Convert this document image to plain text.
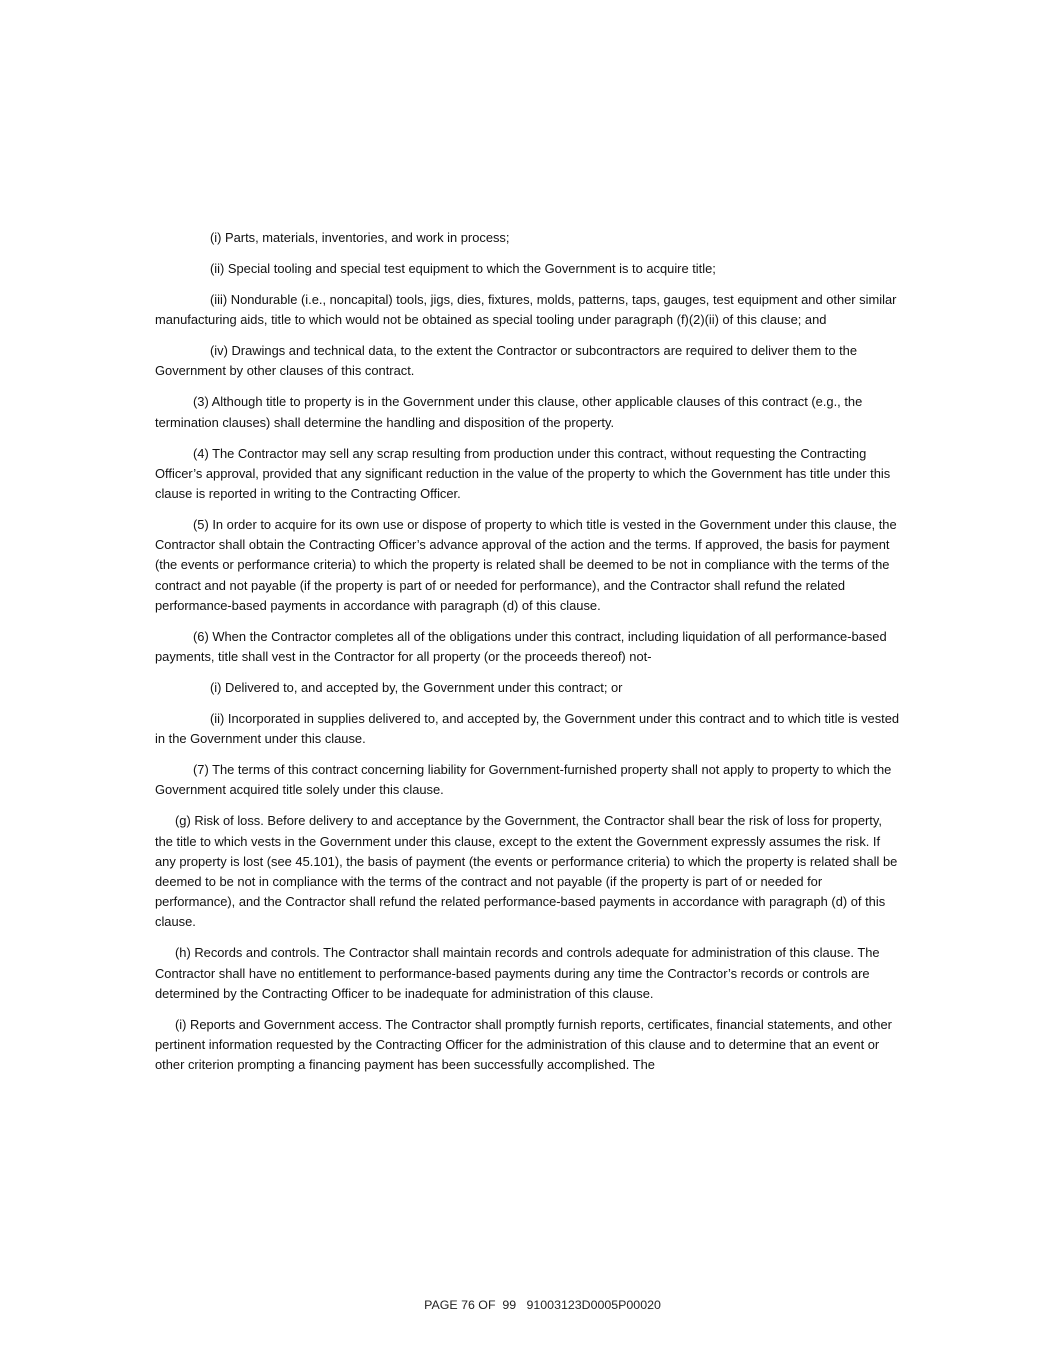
(i) Parts, materials, inventories, and work in process;

(ii) Special tooling and special test equipment to which the Government is to acquire title;

(iii) Nondurable (i.e., noncapital) tools, jigs, dies, fixtures, molds, patterns, taps, gauges, test equipment and other similar manufacturing aids, title to which would not be obtained as special tooling under paragraph (f)(2)(ii) of this clause; and

(iv) Drawings and technical data, to the extent the Contractor or subcontractors are required to deliver them to the Government by other clauses of this contract.

(3) Although title to property is in the Government under this clause, other applicable clauses of this contract (e.g., the termination clauses) shall determine the handling and disposition of the property.

(4) The Contractor may sell any scrap resulting from production under this contract, without requesting the Contracting Officer’s approval, provided that any significant reduction in the value of the property to which the Government has title under this clause is reported in writing to the Contracting Officer.

(5) In order to acquire for its own use or dispose of property to which title is vested in the Government under this clause, the Contractor shall obtain the Contracting Officer’s advance approval of the action and the terms. If approved, the basis for payment (the events or performance criteria) to which the property is related shall be deemed to be not in compliance with the terms of the contract and not payable (if the property is part of or needed for performance), and the Contractor shall refund the related performance-based payments in accordance with paragraph (d) of this clause.

(6) When the Contractor completes all of the obligations under this contract, including liquidation of all performance-based payments, title shall vest in the Contractor for all property (or the proceeds thereof) not-

(i) Delivered to, and accepted by, the Government under this contract; or

(ii) Incorporated in supplies delivered to, and accepted by, the Government under this contract and to which title is vested in the Government under this clause.

(7) The terms of this contract concerning liability for Government-furnished property shall not apply to property to which the Government acquired title solely under this clause.

(g) Risk of loss. Before delivery to and acceptance by the Government, the Contractor shall bear the risk of loss for property, the title to which vests in the Government under this clause, except to the extent the Government expressly assumes the risk. If any property is lost (see 45.101), the basis of payment (the events or performance criteria) to which the property is related shall be deemed to be not in compliance with the terms of the contract and not payable (if the property is part of or needed for performance), and the Contractor shall refund the related performance-based payments in accordance with paragraph (d) of this clause.

(h) Records and controls. The Contractor shall maintain records and controls adequate for administration of this clause. The Contractor shall have no entitlement to performance-based payments during any time the Contractor’s records or controls are determined by the Contracting Officer to be inadequate for administration of this clause.

(i) Reports and Government access. The Contractor shall promptly furnish reports, certificates, financial statements, and other pertinent information requested by the Contracting Officer for the administration of this clause and to determine that an event or other criterion prompting a financing payment has been successfully accomplished. The

PAGE 76 OF  99   91003123D0005P00020
